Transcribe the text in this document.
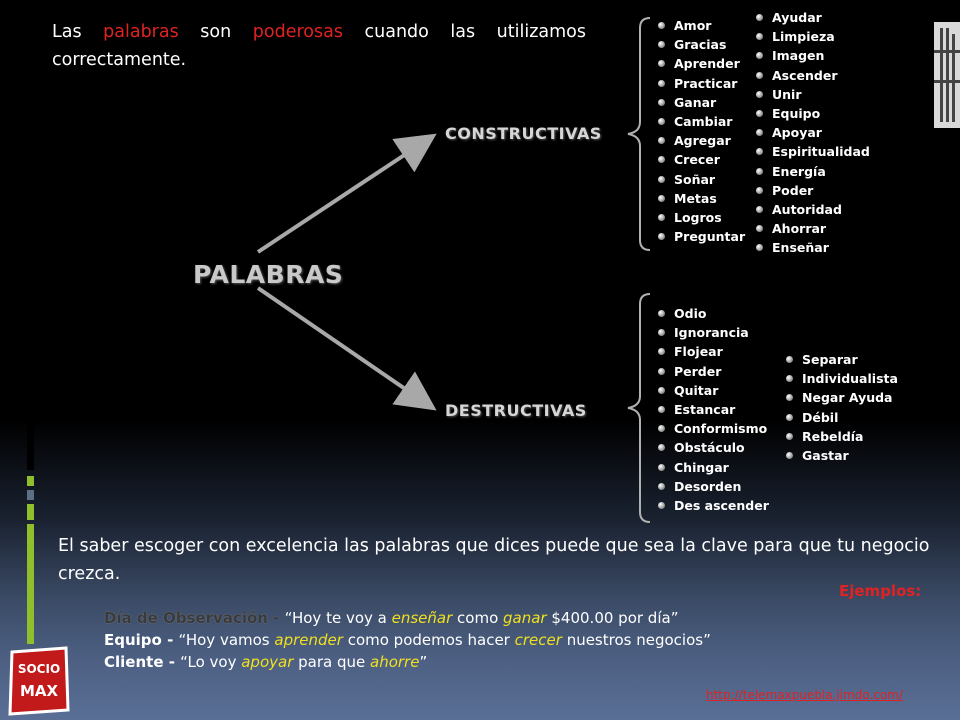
Las palabras son poderosas cuando las utilizamos correctamente.
PALABRAS
CONSTRUCTIVAS
DESTRUCTIVAS
Amor
Gracias
Aprender
Practicar
Ganar
Cambiar
Agregar
Crecer
Soñar
Metas
Logros
Preguntar
Ayudar
Limpieza
Imagen
Ascender
Unir
Equipo
Apoyar
Espiritualidad
Energía
Poder
Autoridad
Ahorrar
Enseñar
Odio
Ignorancia
Flojear
Perder
Quitar
Estancar
Conformismo
Obstáculo
Chingar
Desorden
Des ascender
Separar
Individualista
Negar Ayuda
Débil
Rebeldía
Gastar
El saber escoger con excelencia las palabras que dices puede que sea la clave para que tu negocio crezca.
Ejemplos:
Día de Observación - “Hoy te voy a enseñar como ganar $400.00 por día”
Equipo - “Hoy vamos aprender como podemos hacer crecer nuestros negocios”
Cliente - “Lo voy apoyar para que ahorre”
SOCIO
MAX	http://telemaxpuebla.jimdo.com/
